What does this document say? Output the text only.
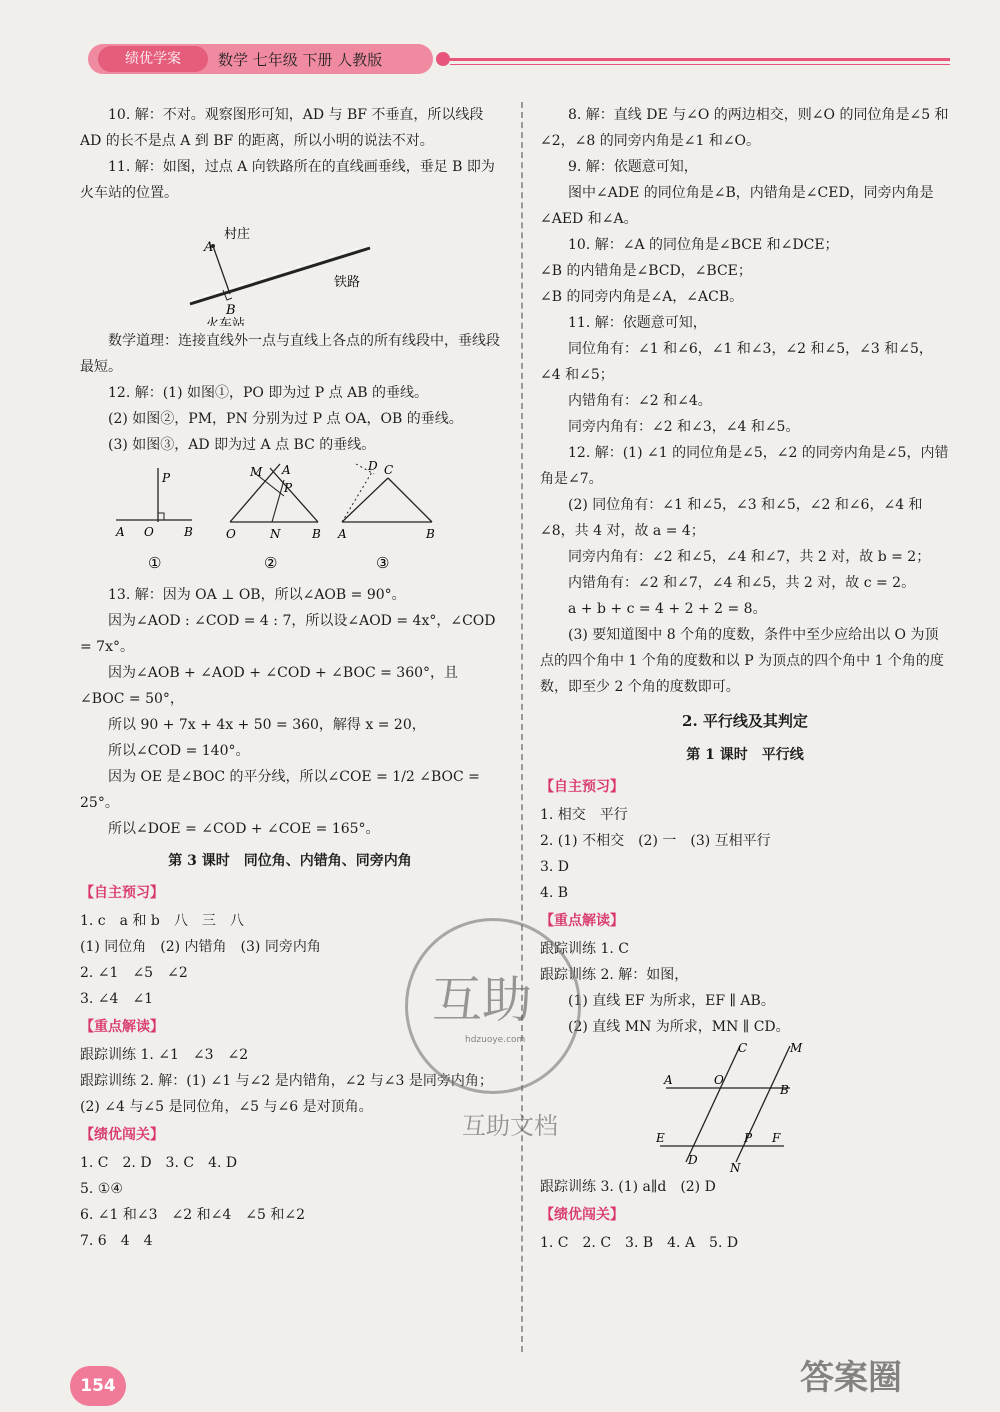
绩优学案	数学 七年级 下册 人教版

10. 解：不对。观察图形可知，AD 与 BF 不垂直，所以线段 AD 的长不是点 A 到 BF 的距离，所以小明的说法不对。

11. 解：如图，过点 A 向铁路所在的直线画垂线，垂足 B 即为火车站的位置。

村庄
A
铁路
B
火车站

数学道理：连接直线外一点与直线上各点的所有线段中，垂线段最短。

12. 解：(1) 如图①，PO 即为过 P 点 AB 的垂线。

(2) 如图②，PM，PN 分别为过 P 点 OA，OB 的垂线。

(3) 如图③，AD 即为过 A 点 BC 的垂线。

P
A O	B
①
M A
P
O	N	B
②
D C
A	B
③

13. 解：因为 OA ⊥ OB，所以∠AOB = 90°。

因为∠AOD : ∠COD = 4 : 7，所以设∠AOD = 4x°，∠COD = 7x°。

因为∠AOB + ∠AOD + ∠COD + ∠BOC = 360°，且∠BOC = 50°，

所以 90 + 7x + 4x + 50 = 360，解得 x = 20，

所以∠COD = 140°。

因为 OE 是∠BOC 的平分线，所以∠COE = 1/2 ∠BOC = 25°。

所以∠DOE = ∠COD + ∠COE = 165°。

第 3 课时　同位角、内错角、同旁内角

【自主预习】

1. c　a 和 b　八　三　八

(1) 同位角　(2) 内错角　(3) 同旁内角

2. ∠1　∠5　∠2

3. ∠4　∠1

【重点解读】

跟踪训练 1. ∠1　∠3　∠2

跟踪训练 2. 解：(1) ∠1 与∠2 是内错角，∠2 与∠3 是同旁内角；(2) ∠4 与∠5 是同位角，∠5 与∠6 是对顶角。

【绩优闯关】

1. C　2. D　3. C　4. D

5. ①④

6. ∠1 和∠3　∠2 和∠4　∠5 和∠2

7. 6　4　4

8. 解：直线 DE 与∠O 的两边相交，则∠O 的同位角是∠5 和∠2，∠8 的同旁内角是∠1 和∠O。

9. 解：依题意可知，

图中∠ADE 的同位角是∠B，内错角是∠CED，同旁内角是∠AED 和∠A。

10. 解：∠A 的同位角是∠BCE 和∠DCE；

∠B 的内错角是∠BCD，∠BCE；

∠B 的同旁内角是∠A，∠ACB。

11. 解：依题意可知，

同位角有：∠1 和∠6，∠1 和∠3，∠2 和∠5，∠3 和∠5，∠4 和∠5；

内错角有：∠2 和∠4。

同旁内角有：∠2 和∠3，∠4 和∠5。

12. 解：(1) ∠1 的同位角是∠5，∠2 的同旁内角是∠5，内错角是∠7。

(2) 同位角有：∠1 和∠5，∠3 和∠5，∠2 和∠6，∠4 和∠8，共 4 对，故 a = 4；

同旁内角有：∠2 和∠5，∠4 和∠7，共 2 对，故 b = 2；

内错角有：∠2 和∠7，∠4 和∠5，共 2 对，故 c = 2。

a + b + c = 4 + 2 + 2 = 8。

(3) 要知道图中 8 个角的度数，条件中至少应给出以 O 为顶点的四个角中 1 个角的度数和以 P 为顶点的四个角中 1 个角的度数，即至少 2 个角的度数即可。

2. 平行线及其判定

第 1 课时　平行线

【自主预习】

1. 相交　平行

2. (1) 不相交　(2) 一　(3) 互相平行

3. D

4. B

【重点解读】

跟踪训练 1. C

跟踪训练 2. 解：如图，

(1) 直线 EF 为所求，EF ∥ AB。

(2) 直线 MN 为所求，MN ∥ CD。

A
B
C
D
E	F
M
N
O
P

跟踪训练 3. (1) a∥d　(2) D

【绩优闯关】

1. C　2. C　3. B　4. A　5. D

互助
hdzuoye.com
互助文档
154	答案圈
